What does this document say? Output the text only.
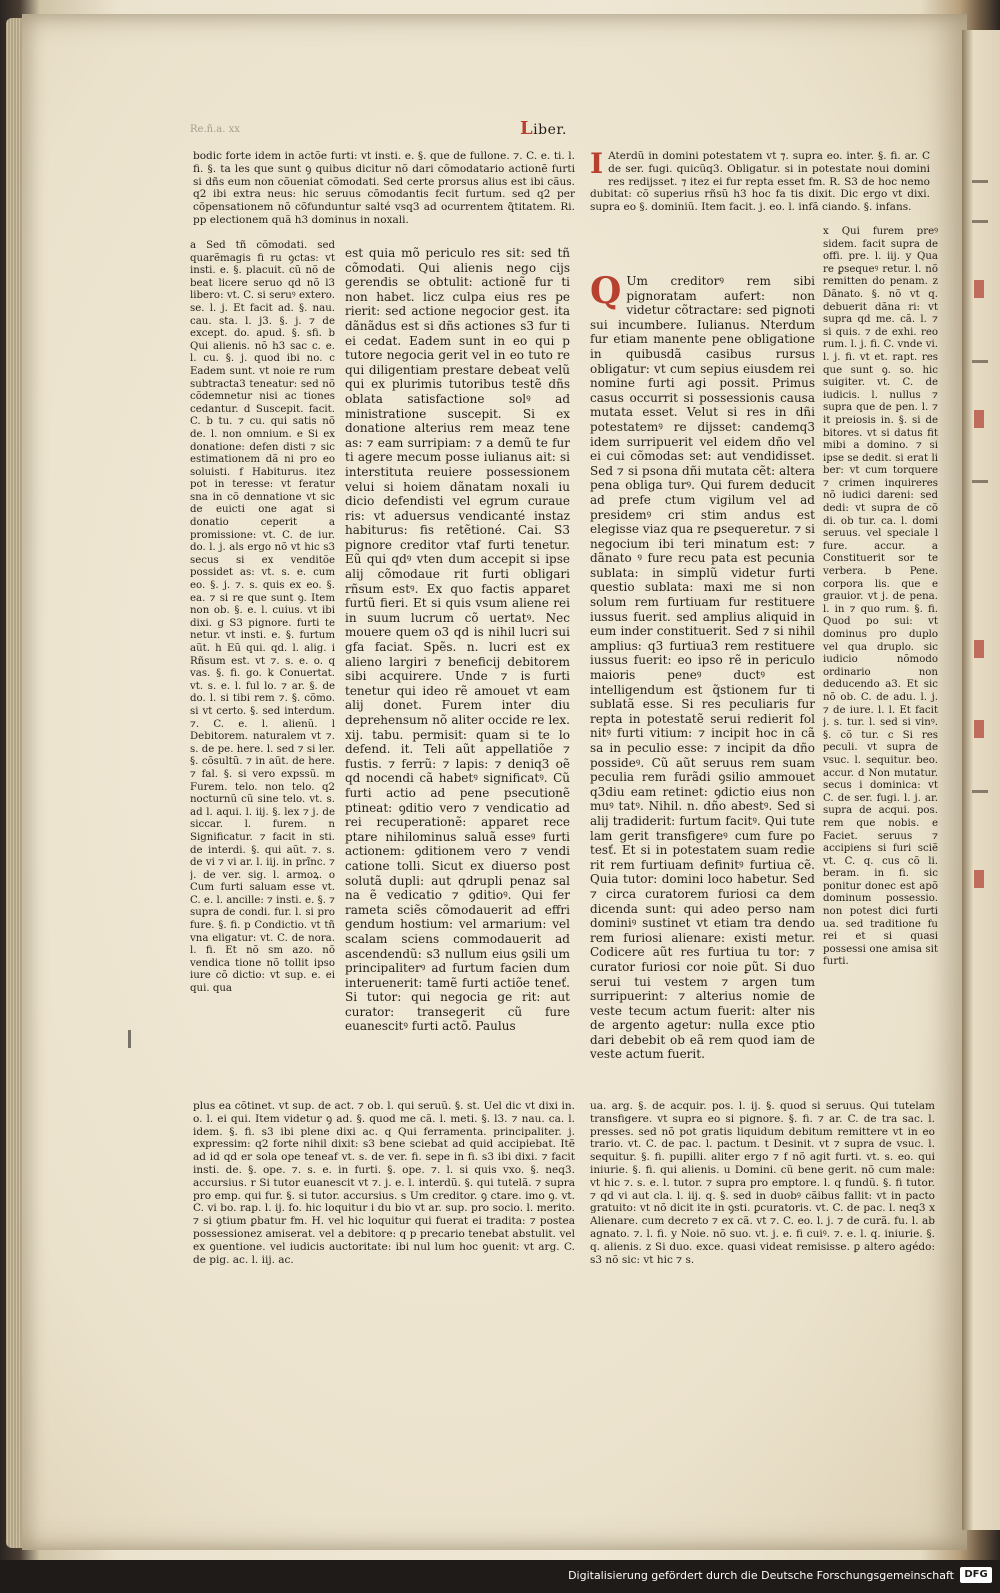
Re.ñ.a. xx	Liber.

bodic forte idem in actõe furti: vt insti. e. §. que de fullone. ⁊. C. e. ti. l. fi. §. ta les que sunt ꝯ quibus dicitur nõ dari cõmodatario actionẽ furti si dñs eum non cõueniat cõmodati. Sed certe prorsus alius est ibi cãus. q2 ibi extra neus: hic seruus cõmodantis fecit furtum. sed q2 per cõpensationem nõ cõfunduntur salté vsq3 ad ocurrentem q̃titatem. Ri. pp electionem quã h3 dominus in noxali.

I Aterdũ in domini potestatem vt ⁊. supra eo. inter. §. fi. ar. C de ser. fugi. quicũq3. Obligatur. si in potestate noui domini res redijsset. ⁊ itez ei fur repta esset fm. R. S3 de hoc nemo dubitat: cõ superius rñsũ h3 hoc fa tis dixit. Dic ergo vt dixi. supra eo §. dominiũ. Item facit. j. eo. l. infã ciando. §. infans.

a Sed tñ cõmodati. sed quarẽmagis fi ru ꝯctas: vt insti. e. §. placuit. cũ nõ de beat licere seruo qd nõ l3 libero: vt. C. si seruꝰ extero. se. l. j. Et facit ad. §. nau. cau. sta. l. j3. §. j. ⁊ de except. do. apud. §. sfi. b Qui alienis. nõ h3 sac c. e. l. cu. §. j. quod ibi no. c Eadem sunt. vt noie re rum subtracta3 teneatur: sed nõ cõdemnetur nisi ac tiones cedantur. d Suscepit. facit. C. b tu. ⁊ cu. qui satis nõ de. l. non omnium. e Si ex donatione: defen disti ⁊ sic estimationem dã ni pro eo soluisti. f Habiturus. itez pot in teresse: vt feratur sna in cõ dennatione vt sic de euicti one agat si donatio ceperit a promissione: vt. C. de iur. do. l. j. als ergo nõ vt hic s3 secus si ex venditõe possidet as: vt. s. e. cum eo. §. j. ⁊. s. quis ex eo. §. ea. ⁊ si re que sunt ꝯ. Item non ob. §. e. l. cuius. vt ibi dixi. g S3 pignore. furti te netur. vt insti. e. §. furtum aũt. h Eũ qui. qd. l. alig. i Rñsum est. vt ⁊. s. e. o. q vas. §. fi. go. k Conuertat. vt. s. e. l. ful lo. ⁊ ar. §. de do. l. si tibi rem ⁊. §. cõmo. si vt certo. §. sed interdum. ⁊. C. e. l. alienũ. l Debitorem. naturalem vt ⁊. s. de pe. here. l. sed ⁊ si ler. §. cõsultũ. ⁊ in aũt. de here. ⁊ fal. §. si vero expssũ. m Furem. telo. non telo. q2 nocturnũ cũ sine telo. vt. s. ad l. aqui. l. iij. §. lex ⁊ j. de siccar. l. furem. n Significatur. ⁊ facit in sti. de interdi. §. qui aũt. ⁊. s. de vi ⁊ vi ar. l. iij. in prĩnc. ⁊ j. de ver. sig. l. armoꝝ. o Cum furti saluam esse vt. C. e. l. ancille: ⁊ insti. e. §. ⁊ supra de condi. fur. l. si pro fure. §. fi. p Condictio. vt tñ vna eligatur: vt. C. de nora. l. fi. Et nõ sm azo. nõ vendica tione nõ tollit ipso iure cõ dictio: vt sup. e. ei qui. qua

est quia mõ periculo res sit: sed tñ cõmodati. Qui alienis nego cijs gerendis se obtulit: actionẽ fur ti non habet. licz culpa eius res pe rierit: sed actione negocior gest. ita dãnãdus est si dñs actiones s3 fur ti ei cedat. Eadem sunt in eo qui p tutore negocia gerit vel in eo tuto re qui diligentiam prestare debeat velũ qui ex plurimis tutoribus testẽ dñs oblata satisfactione solꝰ ad ministratione suscepit. Si ex donatione alterius rem meaz tene as: ⁊ eam surripiam: ⁊ a demũ te fur ti agere mecum posse iulianus ait: si interstituta reuiere possessionem velui si hoiem dãnatam noxali iu dicio defendisti vel egrum curaue ris: vt aduersus vendicanté instaz habiturus: fis retẽtioné. Cai. S3 pignore creditor vtaf furti tenetur. Eũ qui qdꝰ vten dum accepit si ipse alij cõmodaue rit furti obligari rñsum estꝰ. Ex quo factis apparet furtũ fieri. Et si quis vsum aliene rei in suum lucrum cõ uertatꝰ. Nec mouere quem o3 qd is nihil lucri sui gfa faciat. Spẽs. n. lucri est ex alieno largiri ⁊ beneficij debitorem sibi acquirere. Unde ⁊ is furti tenetur qui ideo rẽ amouet vt eam alij donet. Furem inter diu deprehensum nõ aliter occide re lex. xij. tabu. permisit: quam si te lo defend. it. Teli aũt appellatiõe ⁊ fustis. ⁊ ferrũ: ⁊ lapis: ⁊ deniq3 oẽ qd nocendi cã habetꝰ significatꝰ. Cũ furti actio ad pene psecutionẽ ptineat: ꝯditio vero ⁊ vendicatio ad rei recuperationẽ: apparet rece ptare nihilominus saluã esseꝰ furti actionem: ꝯditionem vero ⁊ vendi catione tolli. Sicut ex diuerso post solutã dupli: aut qdrupli penaz sal na ẽ vedicatio ⁊ ꝯditioꝰ. Qui fer rameta sciẽs cõmodauerit ad effri gendum hostium: vel armarium: vel scalam sciens commodauerit ad ascendendũ: s3 nullum eius ꝯsili um principaliterꝰ ad furtum facien dum interuenerit: tamẽ furti actiõe teneť. Si tutor: qui negocia ge rit: aut curator: transegerit cũ fure euanescitꝰ furti actõ. Paulus
Q Um creditorꝰ rem sibi pignoratam aufert: non videtur cõtractare: sed pignoti sui incumbere. Iulianus. Nterdum fur etiam manente pene obligatione in quibusdã casibus rursus obligatur: vt cum sepius eiusdem rei nomine furti agi possit. Primus casus occurrit si possessionis causa mutata esset. Velut si res in dñi potestatemꝰ re dijsset: candemq3 idem surripuerit vel eidem dño vel ei cui cõmodas set: aut vendidisset. Sed ⁊ si psona dñi mutata cẽt: altera pena obliga turꝰ. Qui furem deducit ad prefe ctum vigilum vel ad presidemꝰ cri stim andus est elegisse viaz qua re ꝑsequeretur. ⁊ si negocium ibi teri minatum est: ⁊ dãnato ꝰ fure recu pata est pecunia sublata: in simplũ videtur furti questio sublata: maxi me si non solum rem furtiuam fur restituere iussus fuerit. sed amplius aliquid in eum inder constituerit. Sed ⁊ si nihil amplius: q3 furtiua3 rem restituere iussus fuerit: eo ipso rẽ in periculo maioris peneꝰ ductꝰ est intelligendum est q̃stionem fur ti sublatã esse. Si res peculiaris fur repta in potestatẽ serui redierit fol nitꝰ furti vitium: ⁊ incipit hoc in cã sa in peculio esse: ⁊ incipit da dño possideꝰ. Cũ aũt seruus rem suam peculia rem furãdi ꝯsilio ammouet q3diu eam retinet: ꝯdictio eius non muꝰ tatꝰ. Nihil. n. dño abestꝰ. Sed si alij tradiderit: furtum facitꝰ. Qui tute lam gerit transfigereꝰ cum fure po tesť. Et si in potestatem suam redie rit rem furtiuam definitꝰ furtiua cẽ. Quia tutor: domini loco habetur. Sed ⁊ circa curatorem furiosi ca dem dicenda sunt: qui adeo perso nam dominiꝰ sustinet vt etiam tra dendo rem furiosi alienare: existi metur. Codicere aũt res furtiua tu tor: ⁊ curator furiosi cor noie ꝑũt. Si duo serui tui vestem ⁊ argen tum surripuerint: ⁊ alterius nomie de veste tecum actum fuerit: alter nis de argento agetur: nulla exce ptio dari debebit ob eã rem quod iam de veste actum fuerit.

x Qui furem preꝰ sidem. facit supra de offi. pre. l. iij. y Qua re ꝑsequeꝰ retur. l. nõ remitten do penam. z Dãnato. §. nõ vt q. debuerit dãna ri: vt supra qd me. cã. l. ⁊ si quis. ⁊ de exhi. reo rum. l. j. fi. C. vnde vi. l. j. fi. vt et. rapt. res que sunt ꝯ. so. hic suigiter. vt. C. de iudicis. l. nullus ⁊ supra que de pen. l. ⁊ it preiosis in. §. si de bitores. vt si datus fit mibi a domino. ⁊ si ipse se dedit. si erat li ber: vt cum torquere ⁊ crimen inquireres nõ iudici dareni: sed dedi: vt supra de cõ di. ob tur. ca. l. domi seruus. vel speciale l fure. accur. a Constituerit sor te verbera. b Pene. corpora lis. que e grauior. vt j. de pena. l. in ⁊ quo rum. §. fi. Quod po sui: vt dominus pro duplo vel qua druplo. sic iudicio nõmodo ordinario non deducendo a3. Et sic nõ ob. C. de adu. l. j. ⁊ de iure. l. l. Et facit j. s. tur. l. sed si vinꝰ. §. cõ tur. c Si res peculi. vt supra de vsuc. l. sequitur. beo. accur. d Non mutatur. secus i dominica: vt C. de ser. fugi. l. j. ar. supra de acqui. pos. rem que nobis. e Faciet. seruus ⁊ accipiens si furi sciẽ vt. C. q. cus cõ li. beram. in fi. sic ponitur donec est apõ dominum possessio. non potest dici furti ua. sed traditione fu rei et si quasi possessi one amisa sit furti.

plus ea cõtinet. vt sup. de act. ⁊ ob. l. qui seruũ. §. st. Uel dic vt dixi in. o. l. ei qui. Item videtur ꝯ ad. §. quod me cã. l. meti. §. l3. ⁊ nau. ca. l. idem. §. fi. s3 ibi plene dixi ac. q Qui ferramenta. principaliter. j. expressim: q2 forte nihil dixit: s3 bene sciebat ad quid accipiebat. Itẽ ad id qd er sola ope teneaf vt. s. de ver. fi. sepe in fi. s3 ibi dixi. ⁊ facit insti. de. §. ope. ⁊. s. e. in furti. §. ope. ⁊. l. si quis vxo. §. neq3. accursius. r Si tutor euanescit vt ⁊. j. e. l. interdũ. §. qui tutelã. ⁊ supra pro emp. qui fur. §. si tutor. accursius. s Um creditor. ꝯ ctare. imo ꝯ. vt. C. vi bo. rap. l. ij. fo. hic loquitur i du bio vt ar. sup. pro socio. l. merito. ⁊ si ꝯtium ꝑbatur fm. H. vel hic loquitur qui fuerat ei tradita: ⁊ postea possessionez amiserat. vel a debitore: q p precario tenebat abstulit. vel ex ꝯuentione. vel iudicis auctoritate: ibi nul lum hoc ꝯuenit: vt arg. C. de pig. ac. l. iij. ac.

ua. arg. §. de acquir. pos. l. ij. §. quod si seruus. Qui tutelam transfigere. vt supra eo si pignore. §. fi. ⁊ ar. C. de tra sac. l. presses. sed nõ pot gratis liquidum debitum remittere vt in eo trario. vt. C. de pac. l. pactum. t Desinit. vt ⁊ supra de vsuc. l. sequitur. §. fi. pupilli. aliter ergo ⁊ f nõ agit furti. vt. s. eo. qui iniurie. §. fi. qui alienis. u Domini. cũ bene gerit. nõ cum male: vt hic ⁊. s. e. l. tutor. ⁊ supra pro emptore. l. q fundũ. §. fi tutor. ⁊ qd vi aut cla. l. iij. q. §. sed in duobꝰ cãibus fallit: vt in pacto gratuito: vt nõ dicit ite in ꝯsti. ꝑcuratoris. vt. C. de pac. l. neq3 x Alienare. cum decreto ⁊ ex cã. vt ⁊. C. eo. l. j. ⁊ de curã. fu. l. ab agnato. ⁊. l. fi. y Noie. nõ suo. vt. j. e. fi cuiꝰ. ⁊. e. l. q. iniurie. §. q. alienis. z Si duo. exce. quasi videat remisisse. ꝑ altero agédo: s3 nõ sic: vt hic ⁊ s.

Digitalisierung gefördert durch die Deutsche Forschungsgemeinschaft	DFG
